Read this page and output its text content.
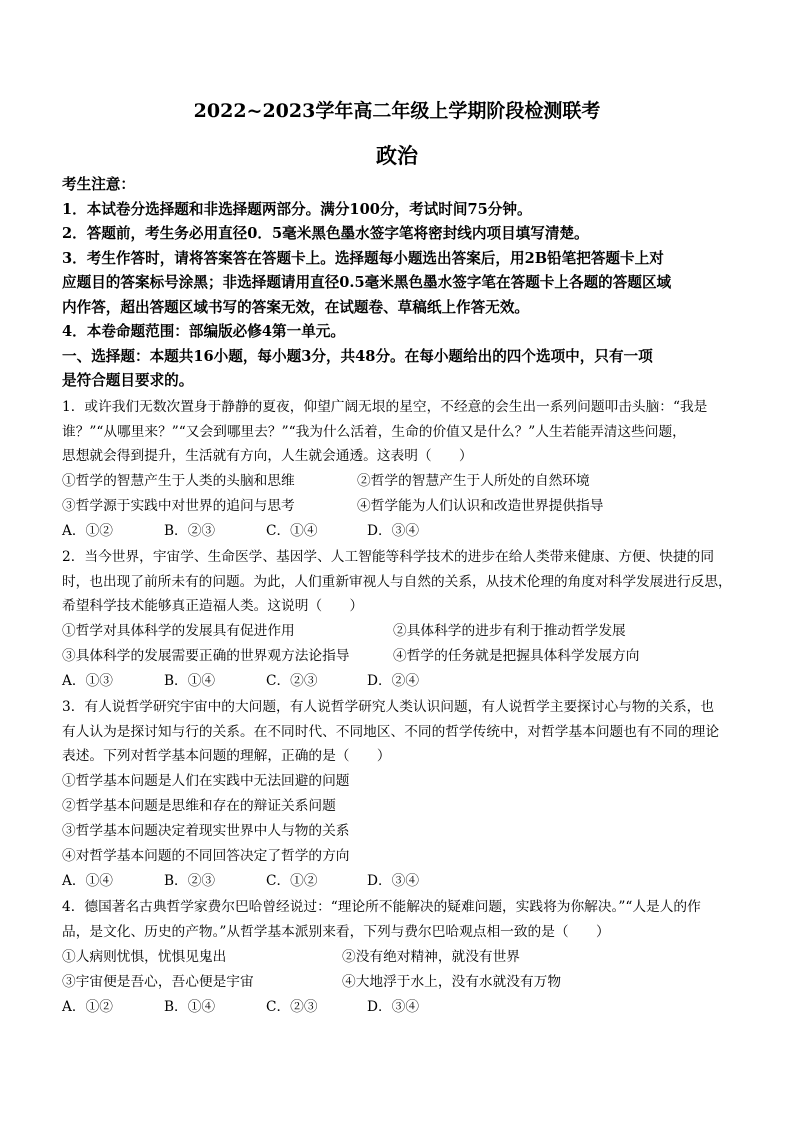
2022~2023学年高二年级上学期阶段检测联考
政治
考生注意：
1．本试卷分选择题和非选择题两部分。满分100分，考试时间75分钟。
2．答题前，考生务必用直径0．5毫米黑色墨水签字笔将密封线内项目填写清楚。
3．考生作答时，请将答案答在答题卡上。选择题每小题选出答案后，用2B铅笔把答题卡上对
应题目的答案标号涂黑；非选择题请用直径0.5毫米黑色墨水签字笔在答题卡上各题的答题区域
内作答，超出答题区域书写的答案无效，在试题卷、草稿纸上作答无效。
4．本卷命题范围：部编版必修4第一单元。
一、选择题：本题共16小题，每小题3分，共48分。在每小题给出的四个选项中，只有一项
是符合题目要求的。
1．或许我们无数次置身于静静的夏夜，仰望广阔无垠的星空，不经意的会生出一系列问题叩击头脑：“我是
谁？”“从哪里来？”“又会到哪里去？”“我为什么活着，生命的价值又是什么？”人生若能弄清这些问题，
思想就会得到提升，生活就有方向，人生就会通透。这表明（　　）
①哲学的智慧产生于人类的头脑和思维	②哲学的智慧产生于人所处的自然环境
③哲学源于实践中对世界的追问与思考	④哲学能为人们认识和改造世界提供指导
A．①②	B．②③	C．①④	D．③④
2．当今世界，宇宙学、生命医学、基因学、人工智能等科学技术的进步在给人类带来健康、方便、快捷的同
时，也出现了前所未有的问题。为此，人们重新审视人与自然的关系，从技术伦理的角度对科学发展进行反思，
希望科学技术能够真正造福人类。这说明（　　）
①哲学对具体科学的发展具有促进作用	②具体科学的进步有利于推动哲学发展
③具体科学的发展需要正确的世界观方法论指导	④哲学的任务就是把握具体科学发展方向
A．①③	B．①④	C．②③	D．②④
3．有人说哲学研究宇宙中的大问题，有人说哲学研究人类认识问题，有人说哲学主要探讨心与物的关系，也
有人认为是探讨知与行的关系。在不同时代、不同地区、不同的哲学传统中，对哲学基本问题也有不同的理论
表述。下列对哲学基本问题的理解，正确的是（　　）
①哲学基本问题是人们在实践中无法回避的问题
②哲学基本问题是思维和存在的辩证关系问题
③哲学基本问题决定着现实世界中人与物的关系
④对哲学基本问题的不同回答决定了哲学的方向
A．①④	B．②③	C．①②	D．③④
4．德国著名古典哲学家费尔巴哈曾经说过：“理论所不能解决的疑难问题，实践将为你解决。”“人是人的作
品，是文化、历史的产物。”从哲学基本派别来看，下列与费尔巴哈观点相一致的是（　　）
①人病则忧惧，忧惧见鬼出	②没有绝对精神，就没有世界
③宇宙便是吾心，吾心便是宇宙	④大地浮于水上，没有水就没有万物
A．①②	B．①④	C．②③	D．③④
